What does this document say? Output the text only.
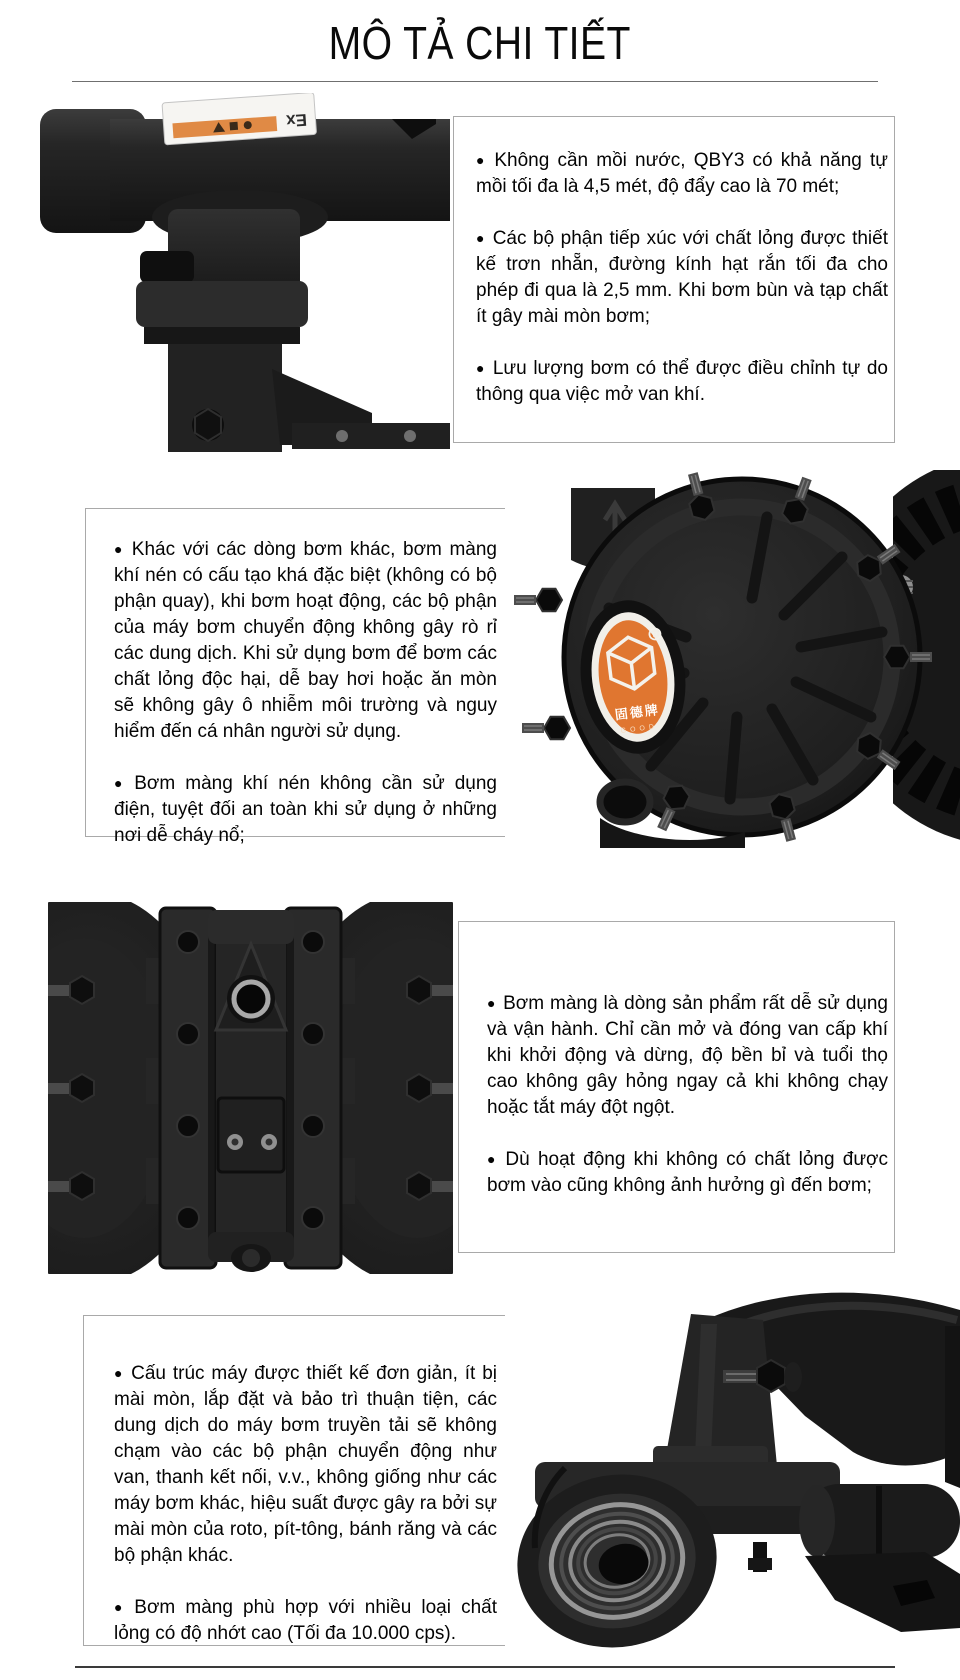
MÔ TẢ CHI TIẾT
Ex

● Không cần mồi nước, QBY3 có khả năng tự mồi tối đa là 4,5 mét, độ đẩy cao là 70 mét;

● Các bộ phận tiếp xúc với chất lỏng được thiết kế trơn nhẵn, đường kính hạt rắn tối đa cho phép đi qua là 2,5 mm. Khi bơm bùn và tạp chất ít gây mài mòn bơm;

● Lưu lượng bơm có thể được điều chỉnh tự do thông qua việc mở van khí.

● Khác với các dòng bơm khác, bơm màng khí nén có cấu tạo khá đặc biệt (không có bộ phận quay), khi bơm hoạt động, các bộ phận của máy bơm chuyển động không gây rò rỉ các dung dịch. Khi sử dụng bơm để bơm các chất lỏng độc hại, dễ bay hơi hoặc ăn mòn sẽ không gây ô nhiễm môi trường và nguy hiểm đến cá nhân người sử dụng.

● Bơm màng khí nén không cần sử dụng điện, tuyệt đối an toàn khi sử dụng ở những nơi dễ cháy nổ;

R
固德牌
GOOD

● Bơm màng là dòng sản phẩm rất dễ sử dụng và vận hành. Chỉ cần mở và đóng van cấp khí khi khởi động và dừng, độ bền bỉ và tuổi thọ cao không gây hỏng ngay cả khi không chạy hoặc tắt máy đột ngột.

● Dù hoạt động khi không có chất lỏng được bơm vào cũng không ảnh hưởng gì đến bơm;

● Cấu trúc máy được thiết kế đơn giản, ít bị mài mòn, lắp đặt và bảo trì thuận tiện, các dung dịch do máy bơm truyền tải sẽ không chạm vào các bộ phận chuyển động như van, thanh kết nối, v.v., không giống như các máy bơm khác, hiệu suất được gây ra bởi sự mài mòn của roto, pít-tông, bánh răng và các bộ phận khác.

● Bơm màng phù hợp với nhiều loại chất lỏng có độ nhớt cao (Tối đa 10.000 cps).
